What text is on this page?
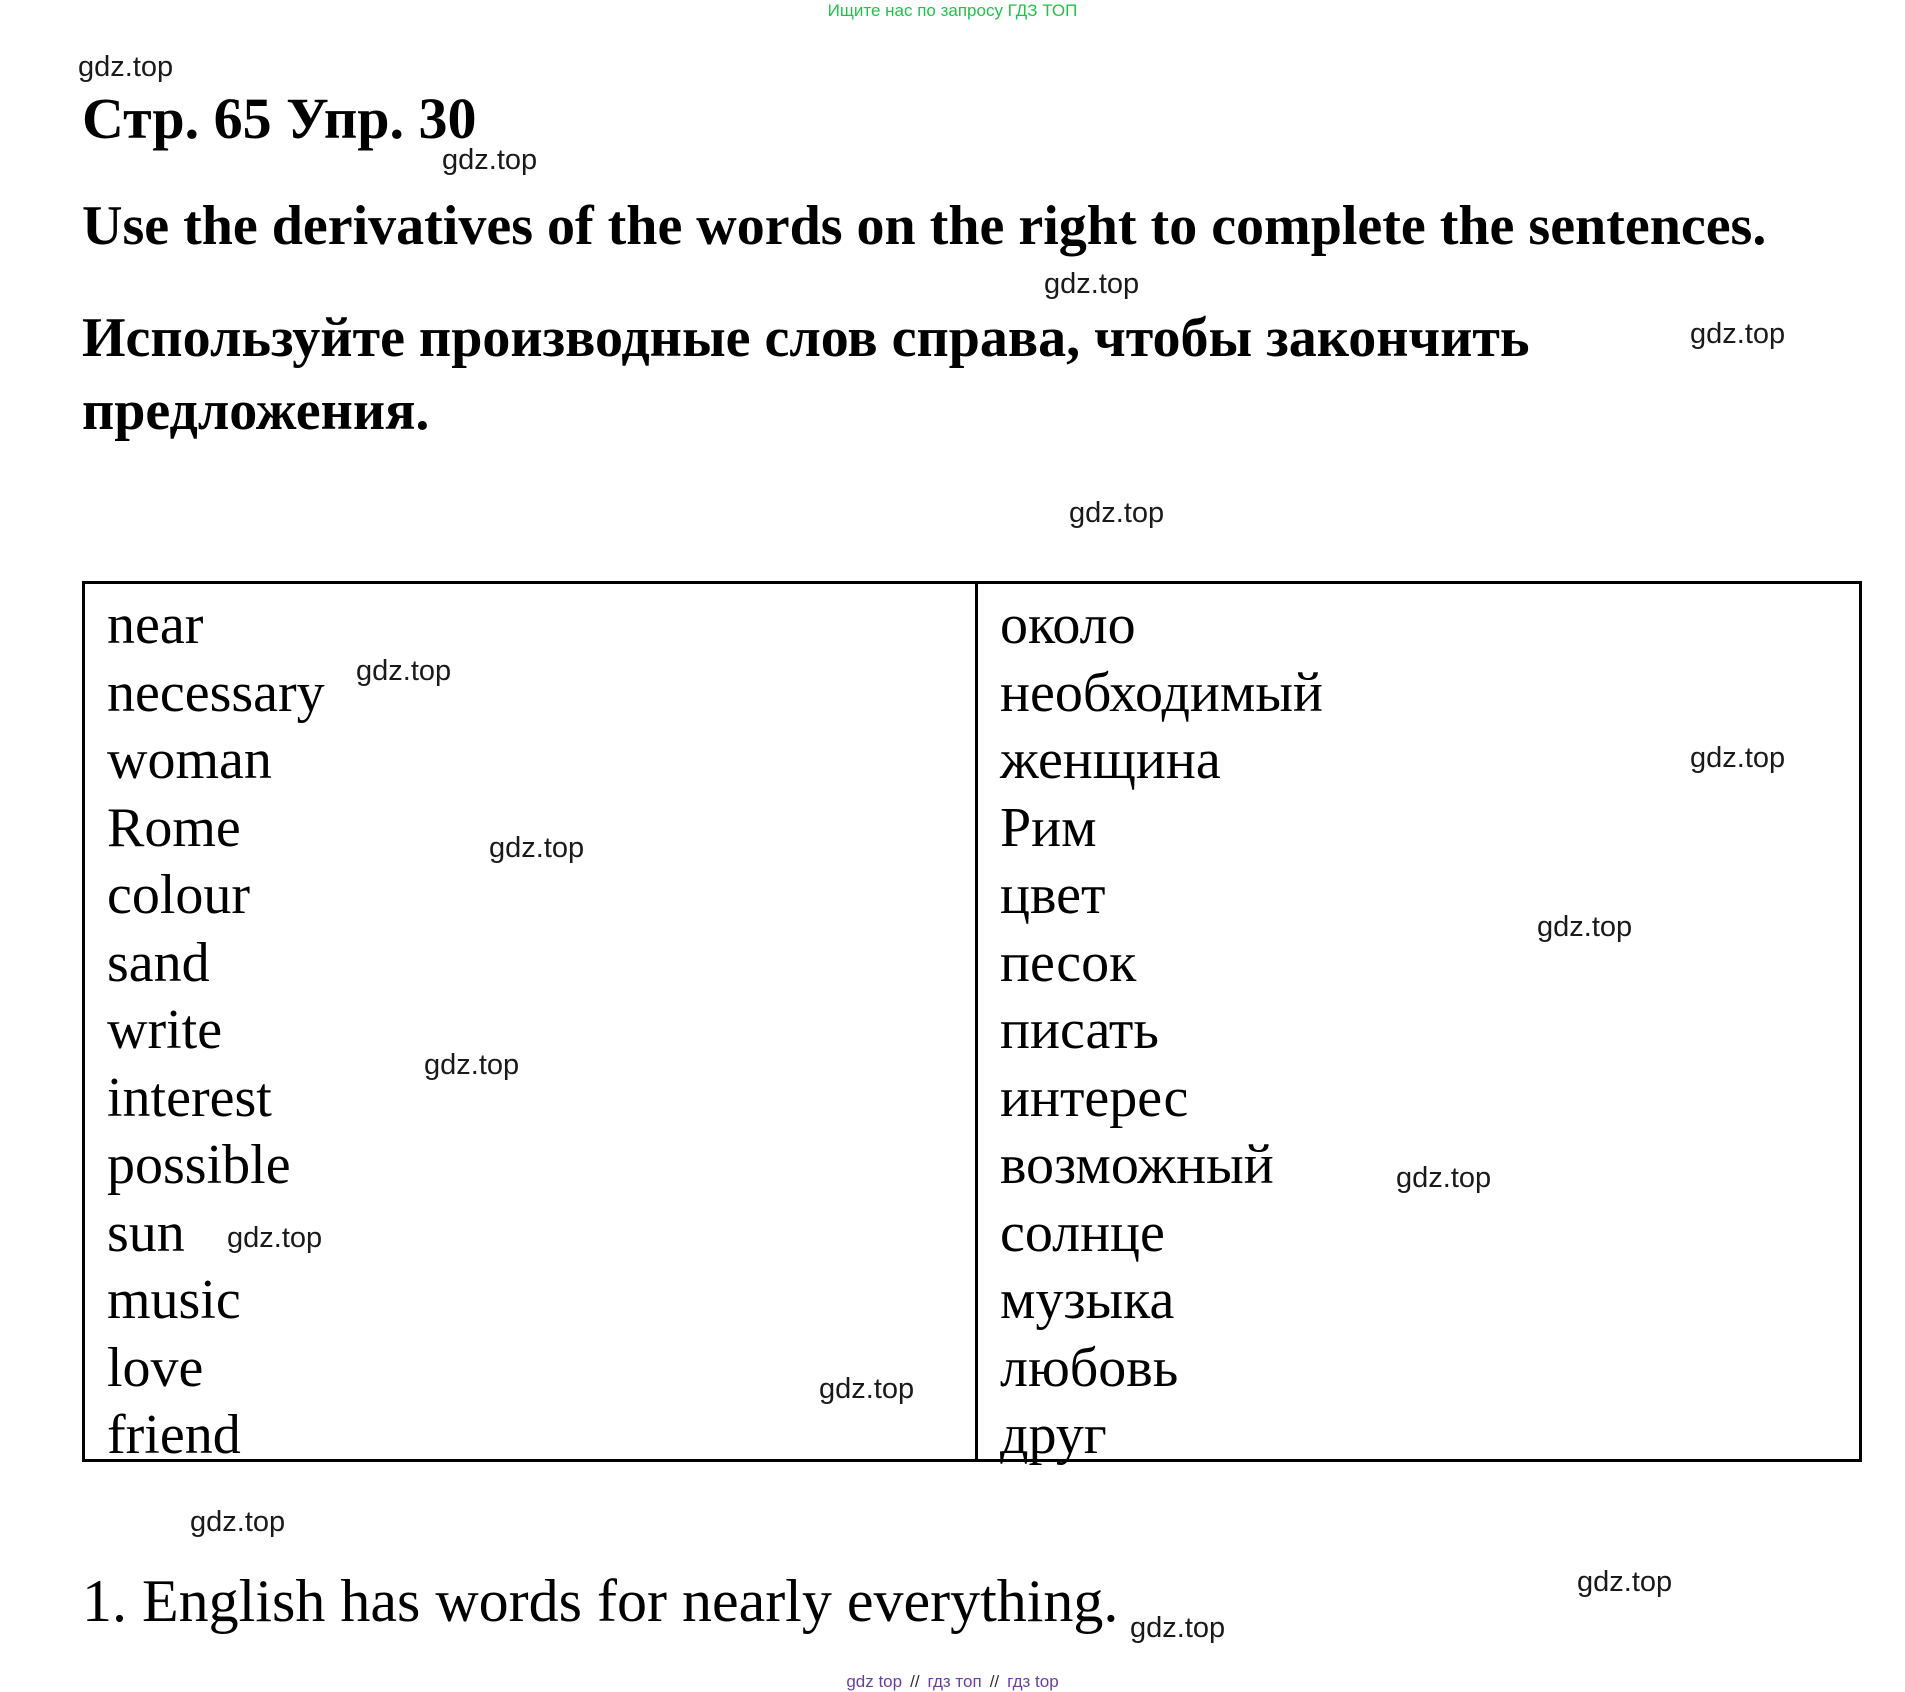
Ищите нас по запросу ГДЗ ТОП
gdz.top
gdz.top
gdz.top
gdz.top
gdz.top
gdz.top
gdz.top
gdz.top
gdz.top
gdz.top
gdz.top
gdz.top
gdz.top
gdz.top
gdz.top
gdz.top
Стр. 65 Упр. 30
Use the derivatives of the words on the right to complete the sentences.
Используйте производные слов справа, чтобы закончить предложения.
near
necessary
woman
Rome
colour
sand
write
interest
possible
sun
music
love
friend
около
необходимый
женщина
Рим
цвет
песок
писать
интерес
возможный
солнце
музыка
любовь
друг
1. English has words for nearly everything.
gdz top // гдз топ // гдз top
